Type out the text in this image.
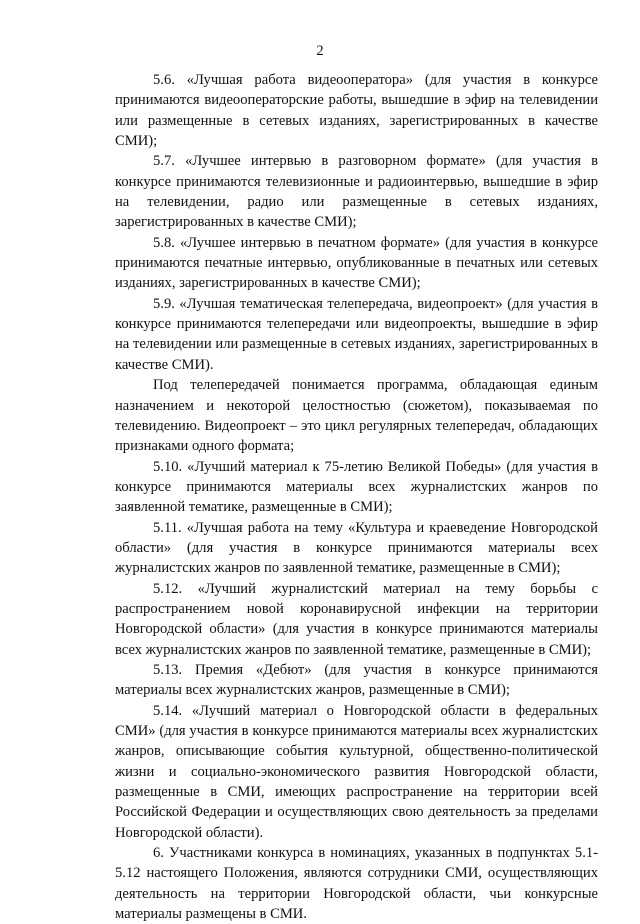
2

5.6. «Лучшая работа видеооператора» (для участия в конкурсе принимаются видеооператорские работы, вышедшие в эфир на телевидении или размещенные в сетевых изданиях, зарегистрированных в качестве СМИ);

5.7. «Лучшее интервью в разговорном формате» (для участия в конкурсе принимаются телевизионные и радиоинтервью, вышедшие в эфир на телевидении, радио или размещенные в сетевых изданиях, зарегистрированных в качестве СМИ);

5.8. «Лучшее интервью в печатном формате» (для участия в конкурсе принимаются печатные интервью, опубликованные в печатных или сетевых изданиях, зарегистрированных в качестве СМИ);

5.9. «Лучшая тематическая телепередача, видеопроект» (для участия в конкурсе принимаются телепередачи или видеопроекты, вышедшие в эфир на телевидении или размещенные в сетевых изданиях, зарегистрированных в качестве СМИ).

Под телепередачей понимается программа, обладающая единым назначением и некоторой целостностью (сюжетом), показываемая по телевидению. Видеопроект – это цикл регулярных телепередач, обладающих признаками одного формата;

5.10. «Лучший материал к 75-летию Великой Победы» (для участия в конкурсе принимаются материалы всех журналистских жанров по заявленной тематике, размещенные в СМИ);

5.11. «Лучшая работа на тему «Культура и краеведение Новгородской области» (для участия в конкурсе принимаются материалы всех журналистских жанров по заявленной тематике, размещенные в СМИ);

5.12. «Лучший журналистский материал на тему борьбы с распространением новой коронавирусной инфекции на территории Новгородской области» (для участия в конкурсе принимаются материалы всех журналистских жанров по заявленной тематике, размещенные в СМИ);

5.13. Премия «Дебют» (для участия в конкурсе принимаются материалы всех журналистских жанров, размещенные в СМИ);

5.14. «Лучший материал о Новгородской области в федеральных СМИ» (для участия в конкурсе принимаются материалы всех журналистских жанров, описывающие события культурной, общественно-политической жизни и социально-экономического развития Новгородской области, размещенные в СМИ, имеющих распространение на территории всей Российской Федерации и осуществляющих свою деятельность за пределами Новгородской области).

6. Участниками конкурса в номинациях, указанных в подпунктах 5.1-5.12 настоящего Положения, являются сотрудники СМИ, осуществляющих деятельность на территории Новгородской области, чьи конкурсные материалы размещены в СМИ.
